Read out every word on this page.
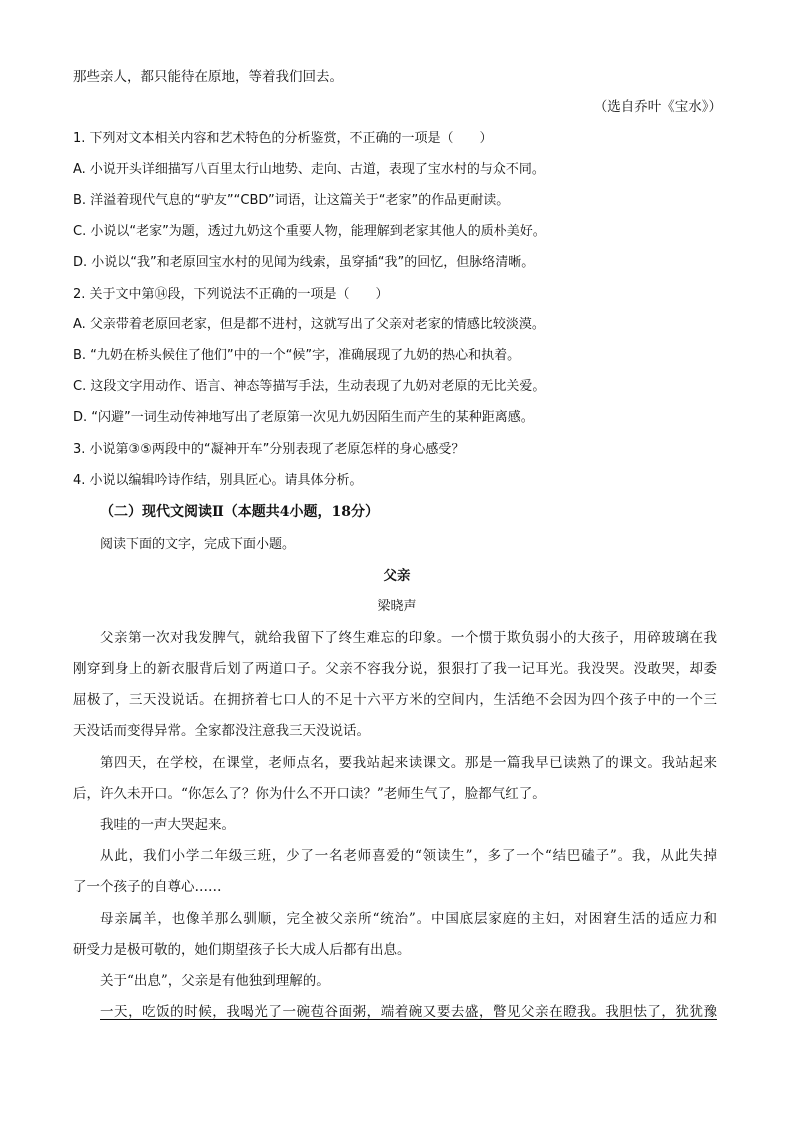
那些亲人，都只能待在原地，等着我们回去。
（选自乔叶《宝水》）
1. 下列对文本相关内容和艺术特色的分析鉴赏，不正确的一项是（　　）
A. 小说开头详细描写八百里太行山地势、走向、古道，表现了宝水村的与众不同。
B. 洋溢着现代气息的“驴友”“CBD”词语，让这篇关于“老家”的作品更耐读。
C. 小说以“老家”为题，透过九奶这个重要人物，能理解到老家其他人的质朴美好。
D. 小说以“我”和老原回宝水村的见闻为线索，虽穿插“我”的回忆，但脉络清晰。
2. 关于文中第⑭段，下列说法不正确的一项是（　　）
A. 父亲带着老原回老家，但是都不进村，这就写出了父亲对老家的情感比较淡漠。
B. “九奶在桥头候住了他们”中的一个“候”字，准确展现了九奶的热心和执着。
C. 这段文字用动作、语言、神态等描写手法，生动表现了九奶对老原的无比关爱。
D. “闪避”一词生动传神地写出了老原第一次见九奶因陌生而产生的某种距离感。
3. 小说第③⑤两段中的“凝神开车”分别表现了老原怎样的身心感受？
4. 小说以编辑吟诗作结，别具匠心。请具体分析。
（二）现代文阅读Ⅱ（本题共4小题，18分）
阅读下面的文字，完成下面小题。
父亲
梁晓声
父亲第一次对我发脾气，就给我留下了终生难忘的印象。一个惯于欺负弱小的大孩子，用碎玻璃在我
刚穿到身上的新衣服背后划了两道口子。父亲不容我分说，狠狠打了我一记耳光。我没哭。没敢哭，却委
屈极了，三天没说话。在拥挤着七口人的不足十六平方米的空间内，生活绝不会因为四个孩子中的一个三
天没话而变得异常。全家都没注意我三天没说话。
第四天，在学校，在课堂，老师点名，要我站起来读课文。那是一篇我早已读熟了的课文。我站起来
后，许久未开口。“你怎么了？你为什么不开口读？”老师生气了，脸都气红了。
我哇的一声大哭起来。
从此，我们小学二年级三班，少了一名老师喜爱的“领读生”，多了一个“结巴磕子”。我，从此失掉
了一个孩子的自尊心……
母亲属羊，也像羊那么驯顺，完全被父亲所“统治”。中国底层家庭的主妇，对困窘生活的适应力和
研受力是极可敬的，她们期望孩子长大成人后都有出息。
关于“出息”，父亲是有他独到理解的。
一天，吃饭的时候，我喝光了一碗苞谷面粥，端着碗又要去盛，瞥见父亲在瞪我。我胆怯了，犹犹豫
